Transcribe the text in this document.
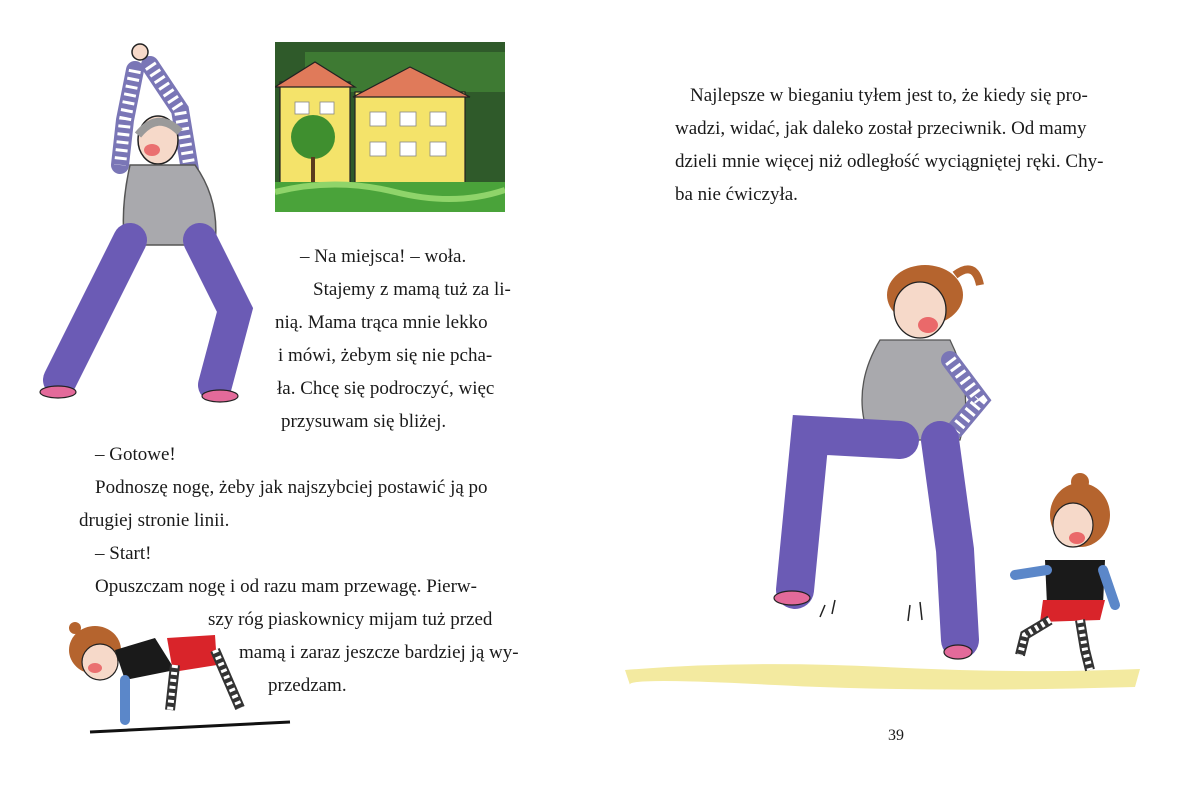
– Na miejsca! – woła.
Stajemy z mamą tuż za li-
nią. Mama trąca mnie lekko
i mówi, żebym się nie pcha-
ła. Chcę się podroczyć, więc
przysuwam się bliżej.
– Gotowe!
Podnoszę nogę, żeby jak najszybciej postawić ją po
drugiej stronie linii.
– Start!
Opuszczam nogę i od razu mam przewagę. Pierw-
szy róg piaskownicy mijam tuż przed
mamą i zaraz jeszcze bardziej ją wy-
przedzam.
Najlepsze w bieganiu tyłem jest to, że kiedy się pro-
wadzi, widać, jak daleko został przeciwnik. Od mamy
dzieli mnie więcej niż odległość wyciągniętej ręki. Chy-
ba nie ćwiczyła.
39
